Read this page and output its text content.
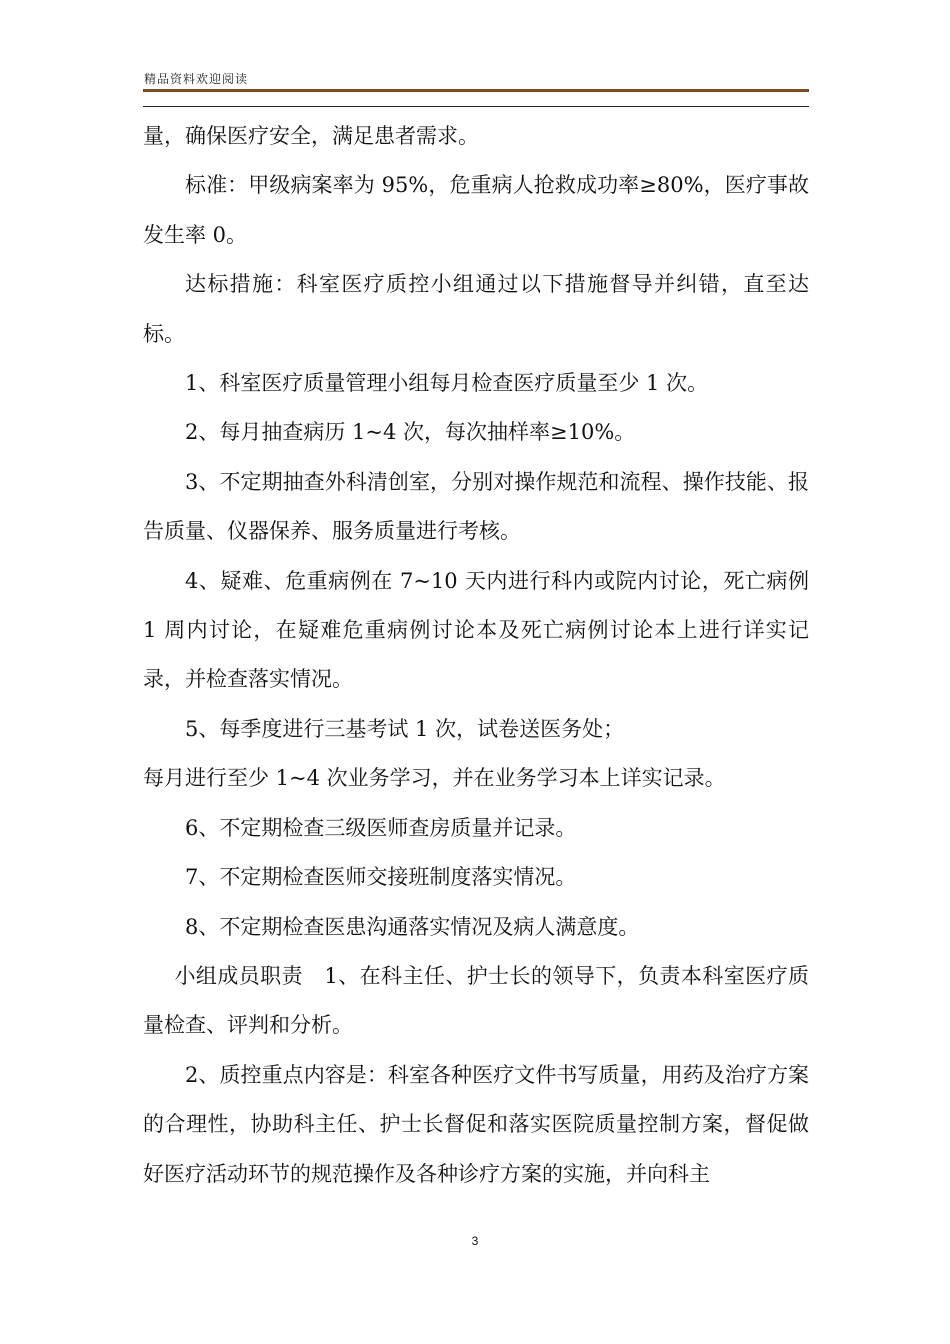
精品资料欢迎阅读

量，确保医疗安全，满足患者需求。

标准：甲级病案率为 95%，危重病人抢救成功率≥80%，医疗事故发生率 0。

达标措施：科室医疗质控小组通过以下措施督导并纠错，直至达标。

1、科室医疗质量管理小组每月检查医疗质量至少 1 次。

2、每月抽查病历 1~4 次，每次抽样率≥10%。

3、不定期抽查外科清创室，分别对操作规范和流程、操作技能、报告质量、仪器保养、服务质量进行考核。

4、疑难、危重病例在 7~10 天内进行科内或院内讨论，死亡病例 1 周内讨论，在疑难危重病例讨论本及死亡病例讨论本上进行详实记录，并检查落实情况。

5、每季度进行三基考试 1 次，试卷送医务处；

每月进行至少 1~4 次业务学习，并在业务学习本上详实记录。

6、不定期检查三级医师查房质量并记录。

7、不定期检查医师交接班制度落实情况。

8、不定期检查医患沟通落实情况及病人满意度。

小组成员职责　1、在科主任、护士长的领导下，负责本科室医疗质量检查、评判和分析。

2、质控重点内容是：科室各种医疗文件书写质量，用药及治疗方案的合理性，协助科主任、护士长督促和落实医院质量控制方案，督促做好医疗活动环节的规范操作及各种诊疗方案的实施，并向科主

3
